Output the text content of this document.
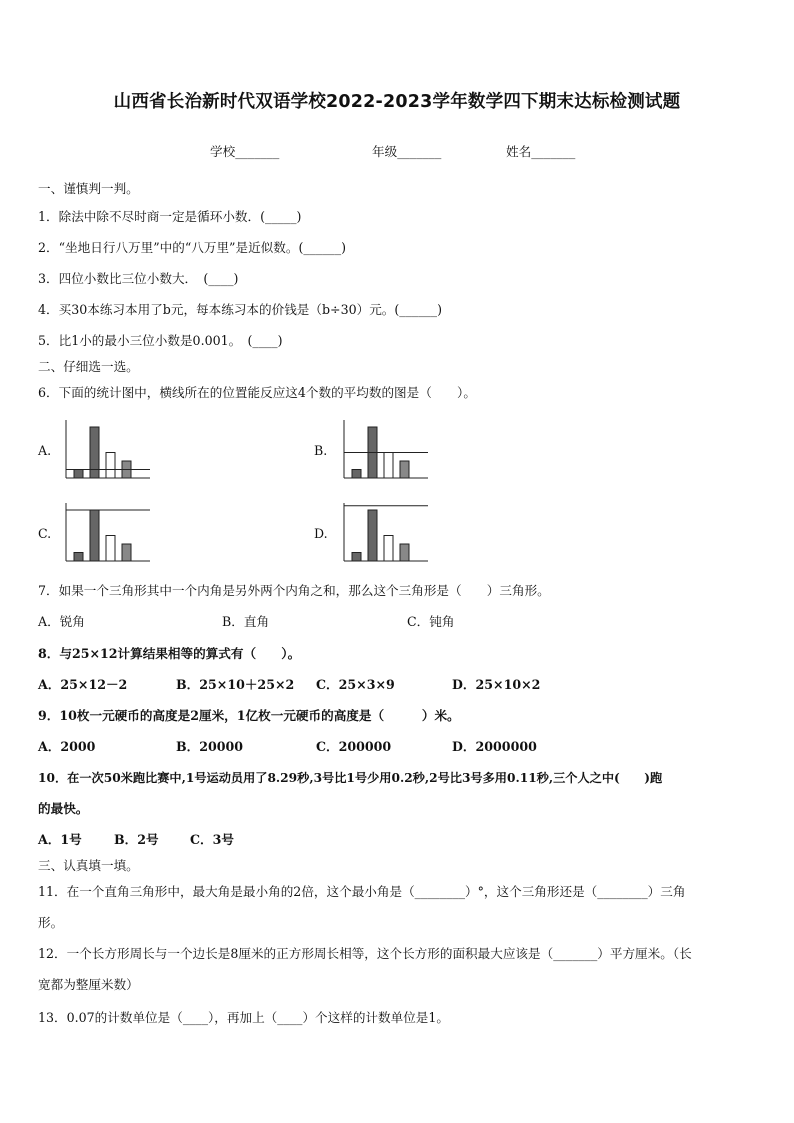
山西省长治新时代双语学校2022-2023学年数学四下期末达标检测试题
学校_______	年级_______	姓名_______
一、谨慎判一判。
1．除法中除不尽时商一定是循环小数．(_____)
2．“坐地日行八万里”中的“八万里”是近似数。(______)
3．四位小数比三位小数大．　(____)
4．买30本练习本用了b元，每本练习本的价钱是（b÷30）元。(______)
5．比1小的最小三位小数是0.001。　(____)
二、仔细选一选。
6．下面的统计图中，横线所在的位置能反应这4个数的平均数的图是（　　）。
A.	B.
C.	D.
7．如果一个三角形其中一个内角是另外两个内角之和，那么这个三角形是（　　）三角形。
A．锐角	B．直角	C．钝角
8．与25×12计算结果相等的算式有（　　）。
A．25×12－2	B．25×10＋25×2 C．25×3×9	D．25×10×2
9．10枚一元硬币的高度是2厘米，1亿枚一元硬币的高度是（　　　）米。
A．2000	B．20000	C．200000	D．2000000
10．在一次50米跑比赛中,1号运动员用了8.29秒,3号比1号少用0.2秒,2号比3号多用0.11秒,三个人之中(　　)跑
的最快。
A．1号	B．2号 C．3号
三、认真填一填。
11．在一个直角三角形中，最大角是最小角的2倍，这个最小角是（________）°，这个三角形还是（________）三角
形。
12．一个长方形周长与一个边长是8厘米的正方形周长相等，这个长方形的面积最大应该是（_______）平方厘米。（长
宽都为整厘米数）
13．0.07的计数单位是（____），再加上（____）个这样的计数单位是1。
